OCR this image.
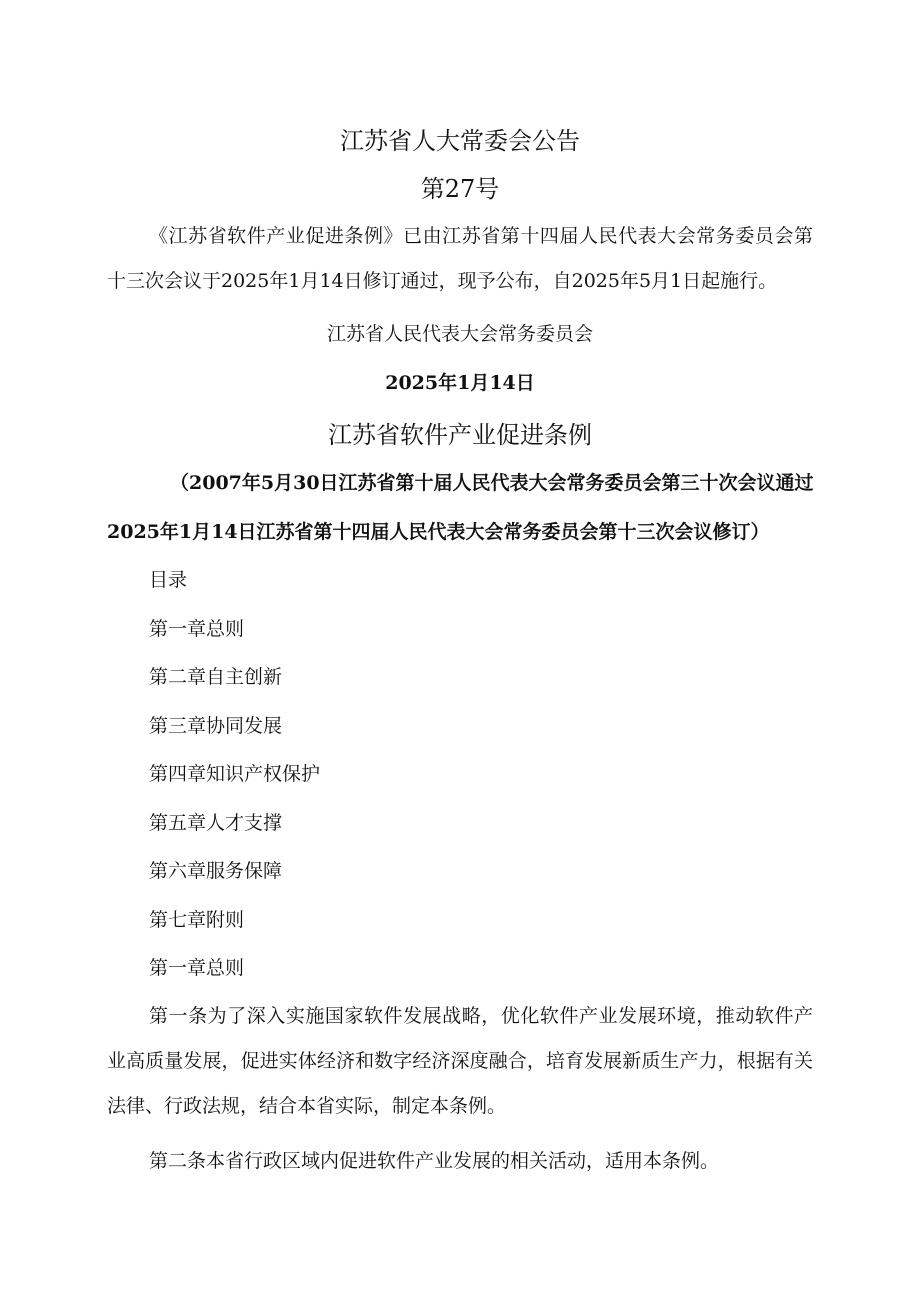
江苏省人大常委会公告
第27号
《江苏省软件产业促进条例》已由江苏省第十四届人民代表大会常务委员会第十三次会议于2025年1月14日修订通过，现予公布，自2025年5月1日起施行。
江苏省人民代表大会常务委员会
2025年1月14日
江苏省软件产业促进条例
（2007年5月30日江苏省第十届人民代表大会常务委员会第三十次会议通过
2025年1月14日江苏省第十四届人民代表大会常务委员会第十三次会议修订）
目录
第一章总则
第二章自主创新
第三章协同发展
第四章知识产权保护
第五章人才支撑
第六章服务保障
第七章附则
第一章总则
第一条为了深入实施国家软件发展战略，优化软件产业发展环境，推动软件产业高质量发展，促进实体经济和数字经济深度融合，培育发展新质生产力，根据有关法律、行政法规，结合本省实际，制定本条例。
第二条本省行政区域内促进软件产业发展的相关活动，适用本条例。
